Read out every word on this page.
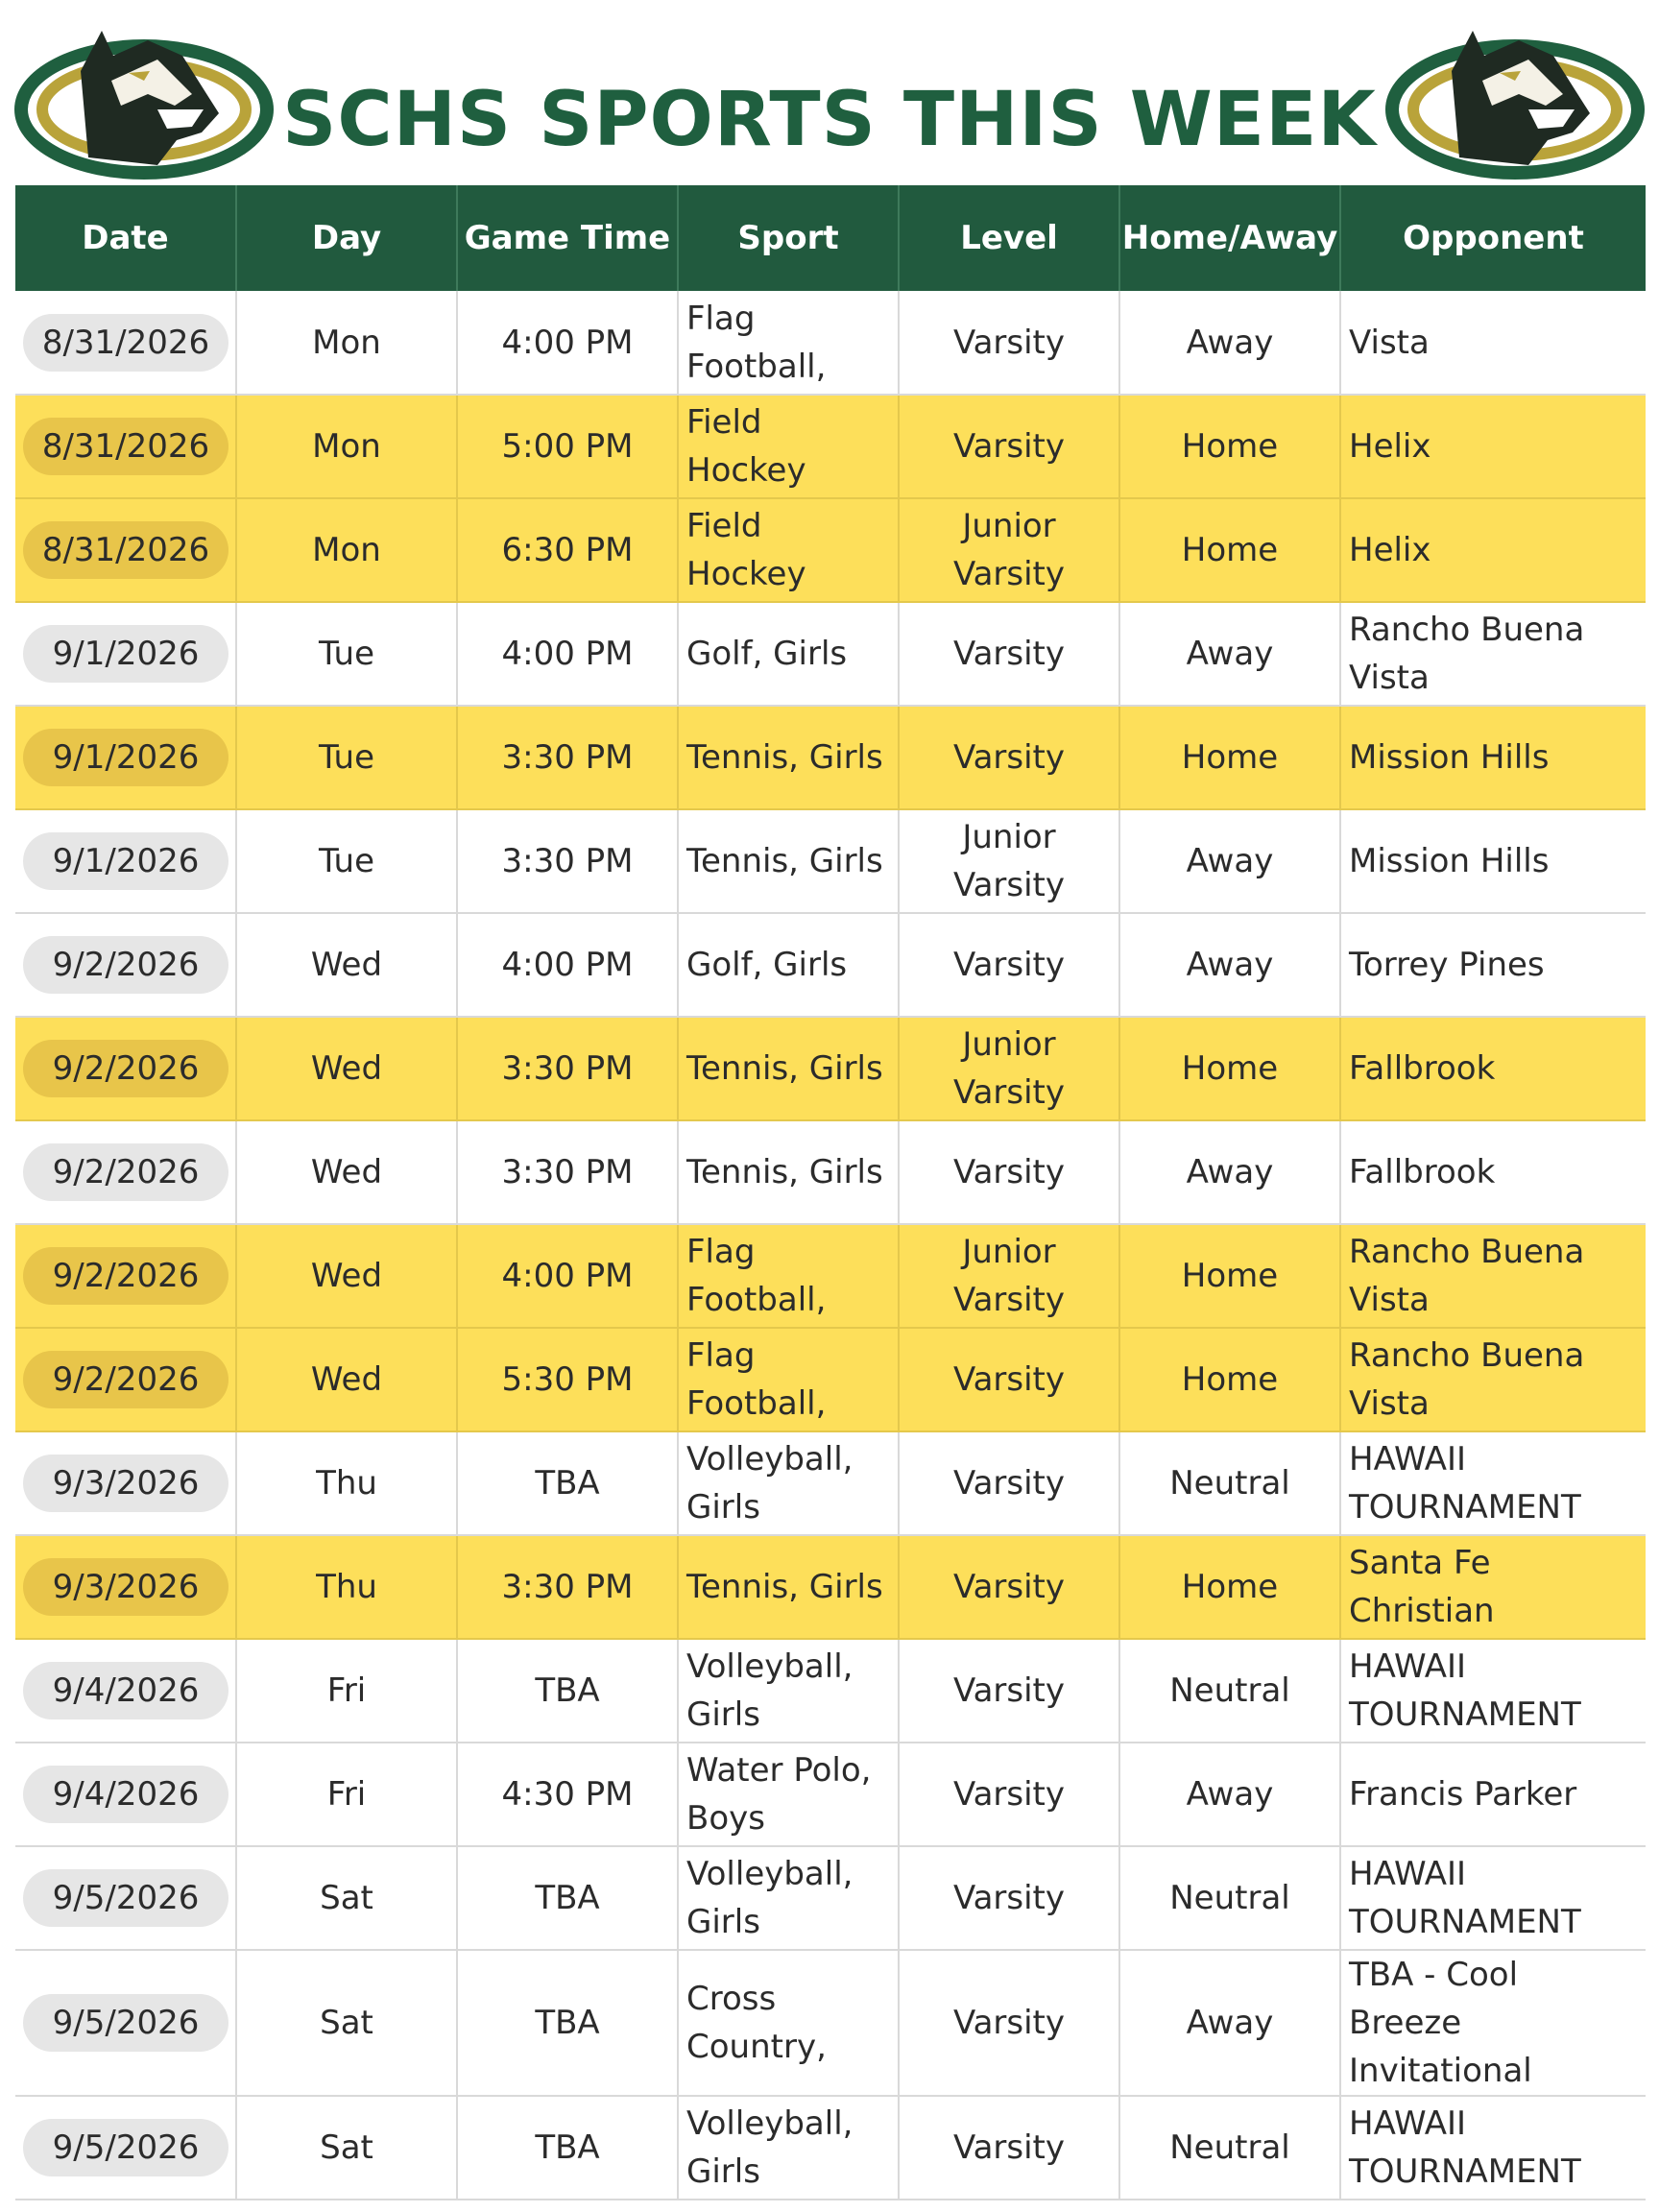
SCHS SPORTS THIS WEEK
Date	Day	Game Time	Sport	Level	Home/Away	Opponent
8/31/2026	Mon	4:00 PM	Flag Football,	Varsity	Away	Vista
8/31/2026	Mon	5:00 PM	Field Hockey	Varsity	Home	Helix
8/31/2026	Mon	6:30 PM	Field Hockey	Junior Varsity	Home	Helix
9/1/2026	Tue	4:00 PM	Golf, Girls	Varsity	Away	Rancho Buena Vista
9/1/2026	Tue	3:30 PM	Tennis, Girls	Varsity	Home	Mission Hills
9/1/2026	Tue	3:30 PM	Tennis, Girls	Junior Varsity	Away	Mission Hills
9/2/2026	Wed	4:00 PM	Golf, Girls	Varsity	Away	Torrey Pines
9/2/2026	Wed	3:30 PM	Tennis, Girls	Junior Varsity	Home	Fallbrook
9/2/2026	Wed	3:30 PM	Tennis, Girls	Varsity	Away	Fallbrook
9/2/2026	Wed	4:00 PM	Flag Football,	Junior Varsity	Home	Rancho Buena Vista
9/2/2026	Wed	5:30 PM	Flag Football,	Varsity	Home	Rancho Buena Vista
9/3/2026	Thu	TBA	Volleyball, Girls	Varsity	Neutral	HAWAII TOURNAMENT
9/3/2026	Thu	3:30 PM	Tennis, Girls	Varsity	Home	Santa Fe Christian
9/4/2026	Fri	TBA	Volleyball, Girls	Varsity	Neutral	HAWAII TOURNAMENT
9/4/2026	Fri	4:30 PM	Water Polo, Boys	Varsity	Away	Francis Parker
9/5/2026	Sat	TBA	Volleyball, Girls	Varsity	Neutral	HAWAII TOURNAMENT
9/5/2026	Sat	TBA	Cross Country,	Varsity	Away	TBA - Cool Breeze Invitational
9/5/2026	Sat	TBA	Volleyball, Girls	Varsity	Neutral	HAWAII TOURNAMENT
